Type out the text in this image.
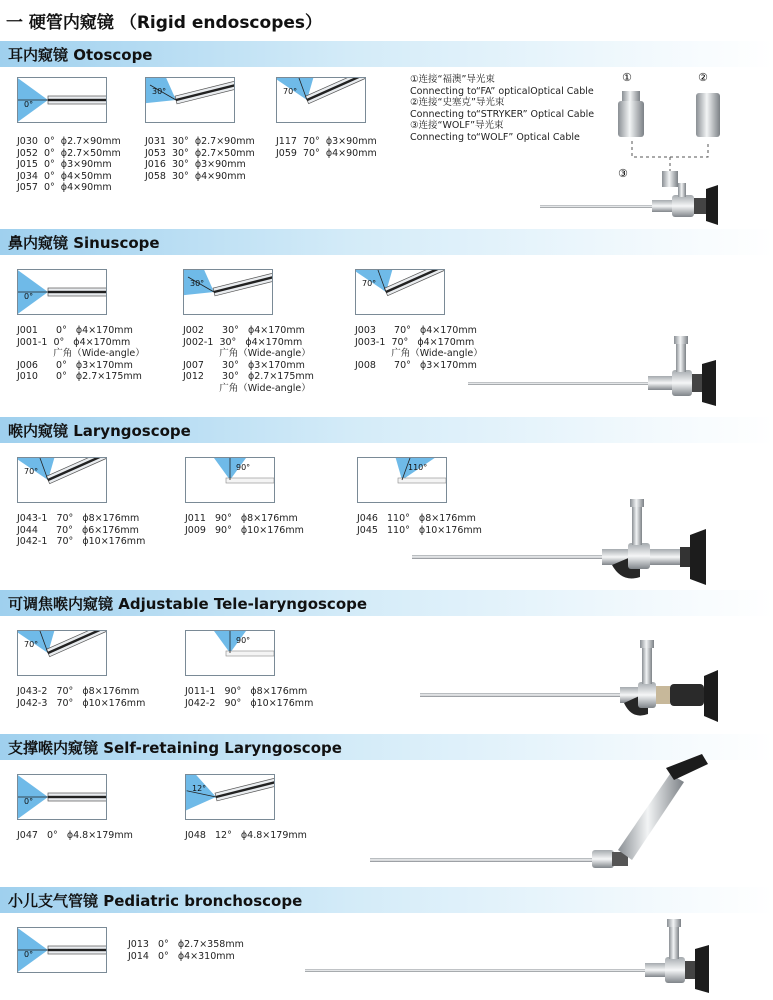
一 硬管内窥镜 （Rigid endoscopes）
耳内窥镜 Otoscope
0°
30°	70°
J030  0°  ϕ2.7×90mm
J052  0°  ϕ2.7×50mm
J015  0°  ϕ3×90mm
J034  0°  ϕ4×50mm
J057  0°  ϕ4×90mm
J031  30°  ϕ2.7×90mm
J053  30°  ϕ2.7×50mm
J016  30°  ϕ3×90mm
J058  30°  ϕ4×90mm
J117  70°  ϕ3×90mm
J059  70°  ϕ4×90mm
①连接“福澳”导光束
Connecting to“FA” opticalOptical Cable
②连接“史塞克”导光束
Connecting to“STRYKER” Optical Cable
③连接“WOLF”导光束
Connecting to“WOLF” Optical Cable
①	②
③
鼻内窥镜 Sinuscope
0°
30°	70°
J001      0°   ϕ4×170mm
J001-1  0°   ϕ4×170mm
广角（Wide-angle）
J006      0°   ϕ3×170mm
J010      0°   ϕ2.7×175mm
J002      30°   ϕ4×170mm
J002-1  30°   ϕ4×170mm
广角（Wide-angle）
J007      30°   ϕ3×170mm
J012      30°   ϕ2.7×175mm
广角（Wide-angle）
J003      70°   ϕ4×170mm
J003-1  70°   ϕ4×170mm
广角（Wide-angle）
J008      70°   ϕ3×170mm
喉内窥镜 Laryngoscope
70°	90°	110°
J043-1   70°   ϕ8×176mm
J044      70°   ϕ6×176mm
J042-1   70°   ϕ10×176mm
J011   90°   ϕ8×176mm
J009   90°   ϕ10×176mm
J046   110°   ϕ8×176mm
J045   110°   ϕ10×176mm
可调焦喉内窥镜 Adjustable Tele-laryngoscope
70°	90°
J043-2   70°   ϕ8×176mm
J042-3   70°   ϕ10×176mm
J011-1   90°   ϕ8×176mm
J042-2   90°   ϕ10×176mm
支撑喉内窥镜 Self-retaining Laryngoscope
0°
12°
J047   0°   ϕ4.8×179mm	J048   12°   ϕ4.8×179mm
小儿支气管镜 Pediatric bronchoscope
0°
J013   0°   ϕ2.7×358mm
J014   0°   ϕ4×310mm
